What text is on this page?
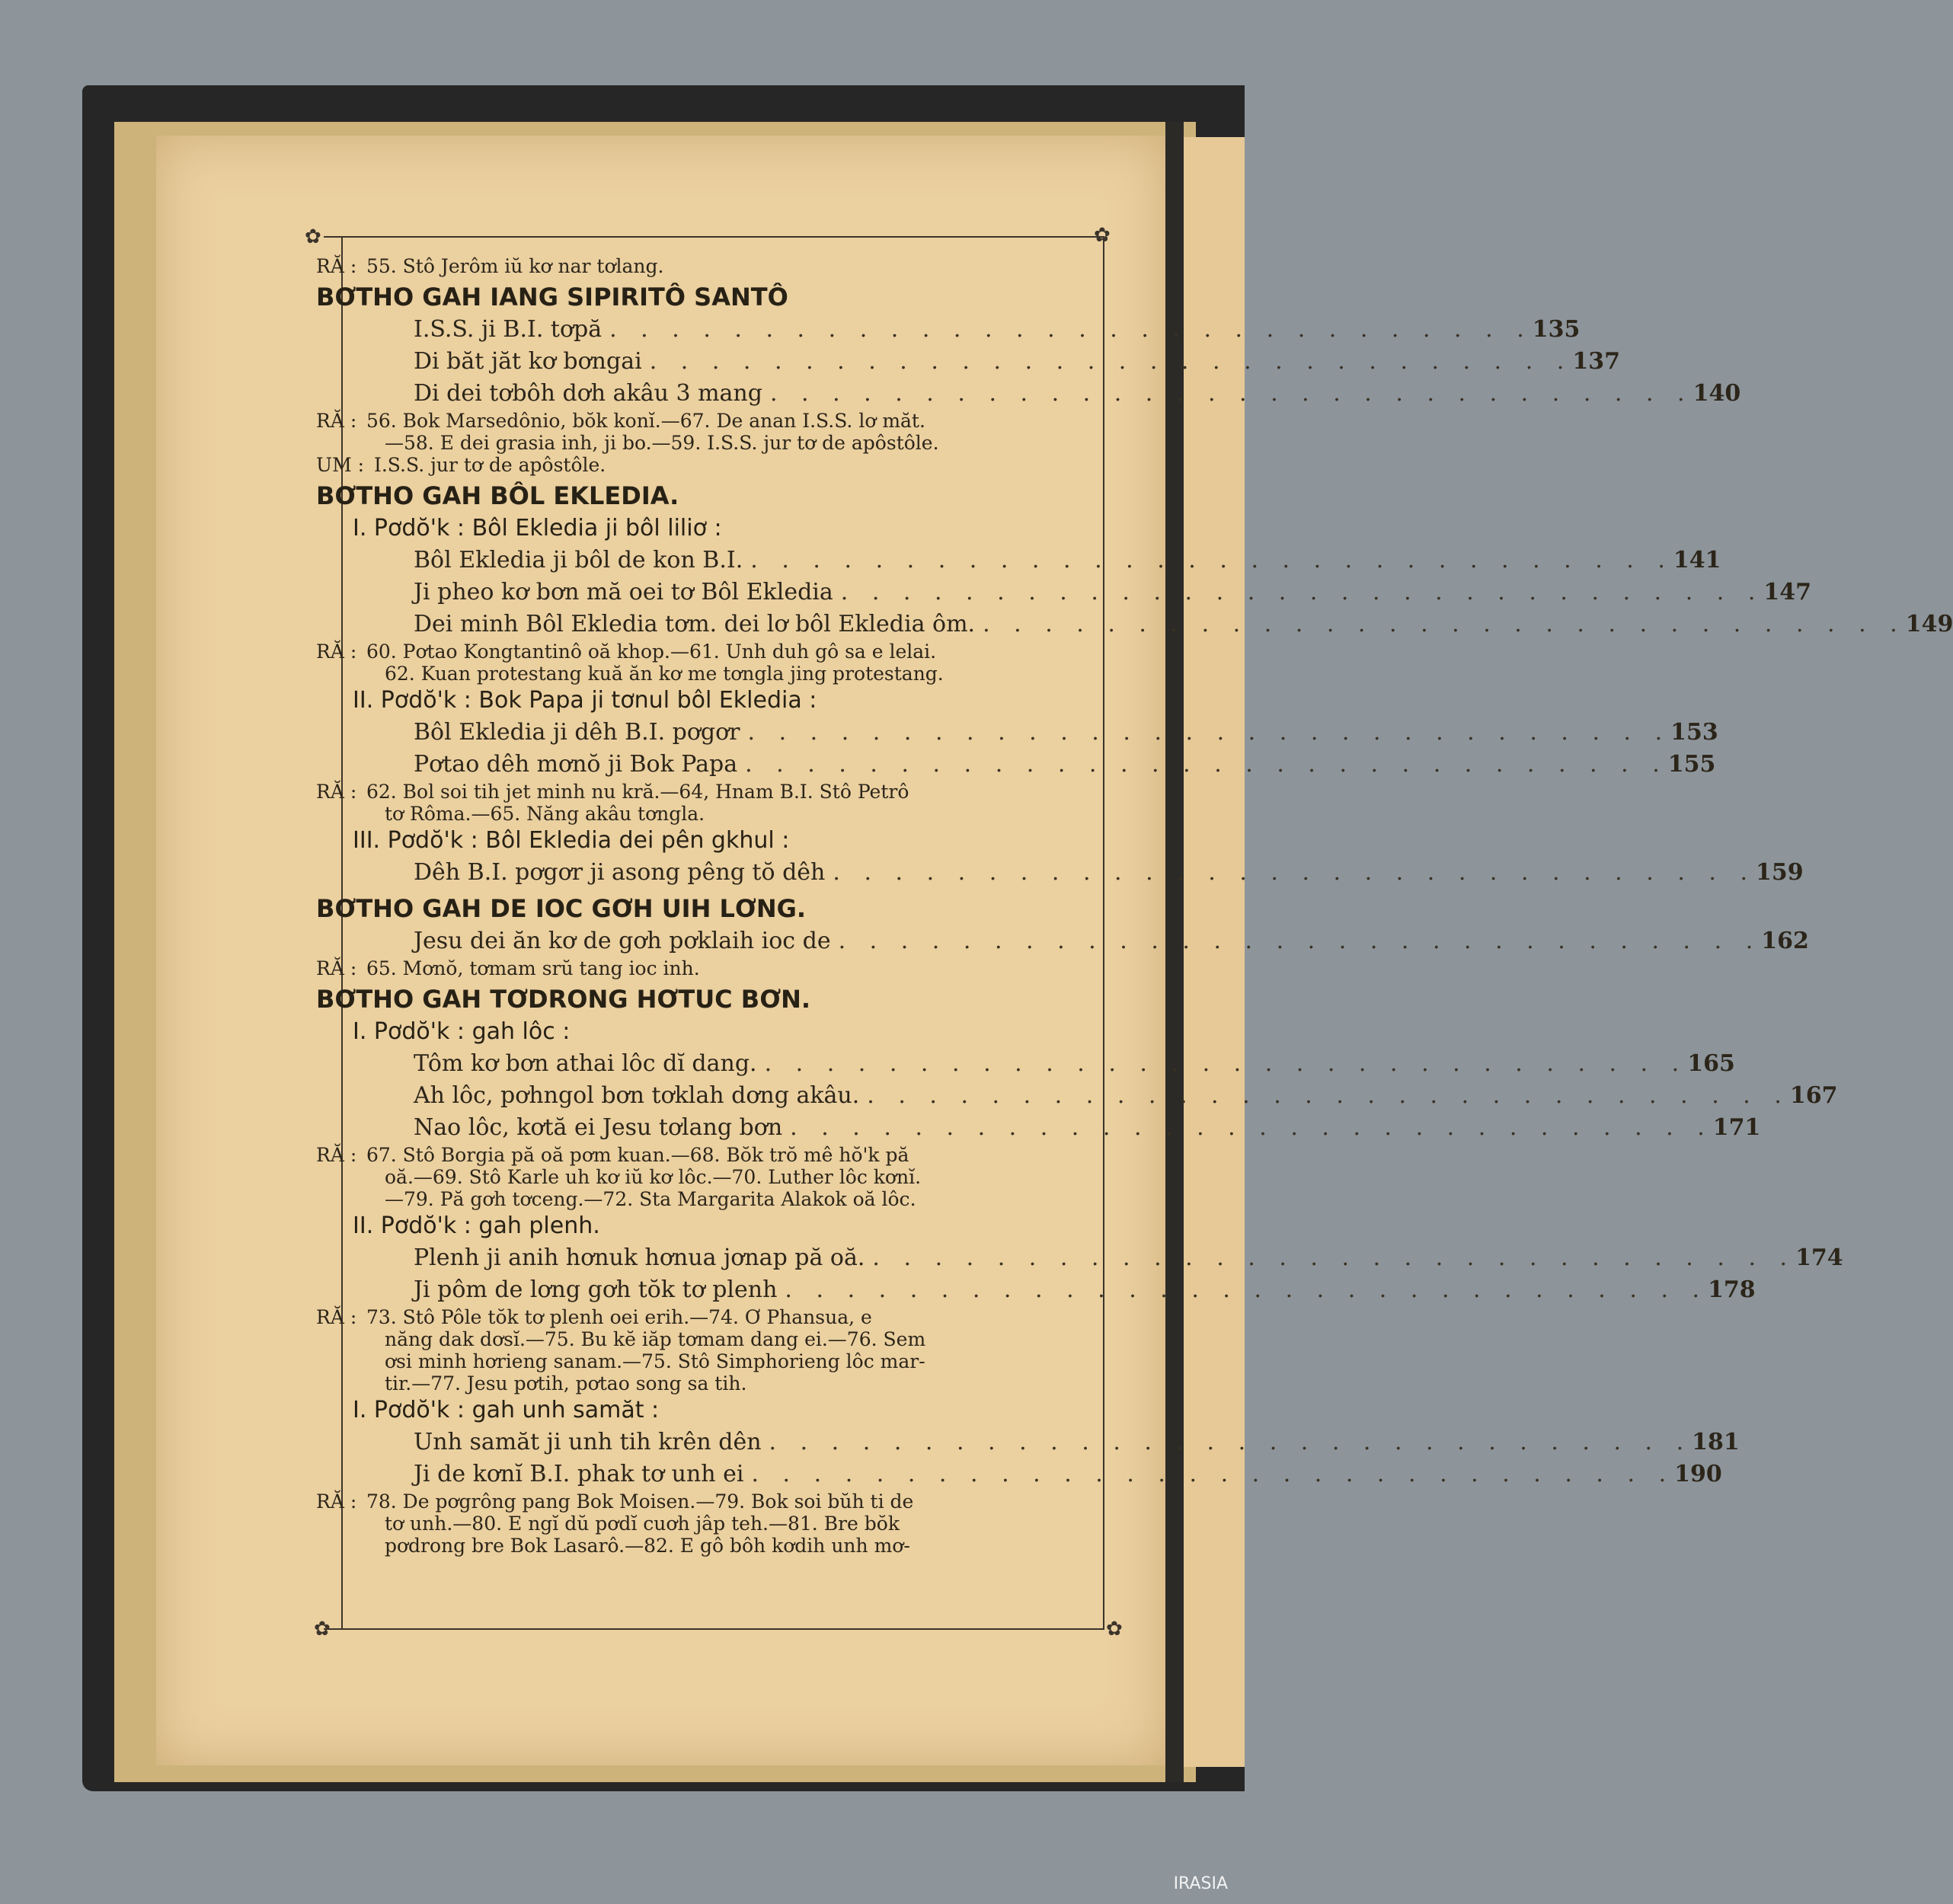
✿	✿
✿	✿
RĂ : 55. Stô Jerôm iŭ kơ nar tơlang.
BƠTHO GAH IANG SIPIRITÔ SANTÔ
I.S.S. ji B.I. tơpă . . . . . . . . . . . . . . . . . . . . . . . . . . . . . . 135
Di băt jăt kơ bơngai . . . . . . . . . . . . . . . . . . . . . . . . . . . . . . 137
Di dei tơbôh dơh akâu 3 mang . . . . . . . . . . . . . . . . . . . . . . . . . . . . . . 140
RĂ : 56. Bok Marsedônio, bŏk konĭ.—67. De anan I.S.S. lơ măt.
—58. E dei grasia inh, ji bo.—59. I.S.S. jur tơ de apôstôle.
UM : I.S.S. jur tơ de apôstôle.
BƠTHO GAH BÔL EKLEDIA.
I. Pơdŏ'k : Bôl Ekledia ji bôl liliơ :
Bôl Ekledia ji bôl de kon B.I. . . . . . . . . . . . . . . . . . . . . . . . . . . . . . . 141
Ji pheo kơ bơn mă oei tơ Bôl Ekledia . . . . . . . . . . . . . . . . . . . . . . . . . . . . . . 147
Dei minh Bôl Ekledia tơm. dei lơ bôl Ekledia ôm. . . . . . . . . . . . . . . . . . . . . . . . . . . . . . . 149
RĂ : 60. Pơtao Kongtantinô oă khop.—61. Unh duh gô sa e lelai.
62. Kuan protestang kuă ăn kơ me tơngla jing protestang.
II. Pơdŏ'k : Bok Papa ji tơnul bôl Ekledia :
Bôl Ekledia ji dêh B.I. pơgơr . . . . . . . . . . . . . . . . . . . . . . . . . . . . . . 153
Pơtao dêh mơnŏ ji Bok Papa . . . . . . . . . . . . . . . . . . . . . . . . . . . . . . 155
RĂ : 62. Bol soi tih jet minh nu kră.—64, Hnam B.I. Stô Petrô
tơ Rôma.—65. Năng akâu tơngla.
III. Pơdŏ'k : Bôl Ekledia dei pên gkhul :
Dêh B.I. pơgơr ji asong pêng tŏ dêh . . . . . . . . . . . . . . . . . . . . . . . . . . . . . . 159
BƠTHO GAH DE IOC GƠH UIH LƠNG.
Jesu dei ăn kơ de gơh pơklaih ioc de . . . . . . . . . . . . . . . . . . . . . . . . . . . . . . 162
RĂ : 65. Mơnŏ, tơmam srŭ tang ioc inh.
BƠTHO GAH TƠDRONG HƠTUC BƠN.
I. Pơdŏ'k : gah lôc :
Tôm kơ bơn athai lôc dĭ dang. . . . . . . . . . . . . . . . . . . . . . . . . . . . . . . 165
Ah lôc, pơhngol bơn tơklah dơng akâu. . . . . . . . . . . . . . . . . . . . . . . . . . . . . . . 167
Nao lôc, kơtă ei Jesu tơlang bơn . . . . . . . . . . . . . . . . . . . . . . . . . . . . . . 171
RĂ : 67. Stô Borgia pă oă pơm kuan.—68. Bŏk trŏ mê hŏ'k pă
oă.—69. Stô Karle uh kơ iŭ kơ lôc.—70. Luther lôc kơnĭ.
—79. Pă gơh tơceng.—72. Sta Margarita Alakok oă lôc.
II. Pơdŏ'k : gah plenh.
Plenh ji anih hơnuk hơnua jơnap pă oă. . . . . . . . . . . . . . . . . . . . . . . . . . . . . . . 174
Ji pôm de lơng gơh tŏk tơ plenh . . . . . . . . . . . . . . . . . . . . . . . . . . . . . . 178
RĂ : 73. Stô Pôle tŏk tơ plenh oei erih.—74. Ơ Phansua, e
năng dak dơsĭ.—75. Bu kĕ iăp tơmam dang ei.—76. Sem
ơsi minh hơrieng sanam.—75. Stô Simphorieng lôc mar-
tir.—77. Jesu pơtih, pơtao song sa tih.
I. Pơdŏ'k : gah unh samăt :
Unh samăt ji unh tih krên dên . . . . . . . . . . . . . . . . . . . . . . . . . . . . . . 181
Ji de kơnĭ B.I. phak tơ unh ei . . . . . . . . . . . . . . . . . . . . . . . . . . . . . . 190
RĂ : 78. De pơgrông pang Bok Moisen.—79. Bok soi bŭh ti de
tơ unh.—80. E ngĭ dŭ pơdĭ cuơh jâp teh.—81. Bre bŏk
pơdrong bre Bok Lasarô.—82. E gô bôh kơdih unh mơ-
IRASIA
